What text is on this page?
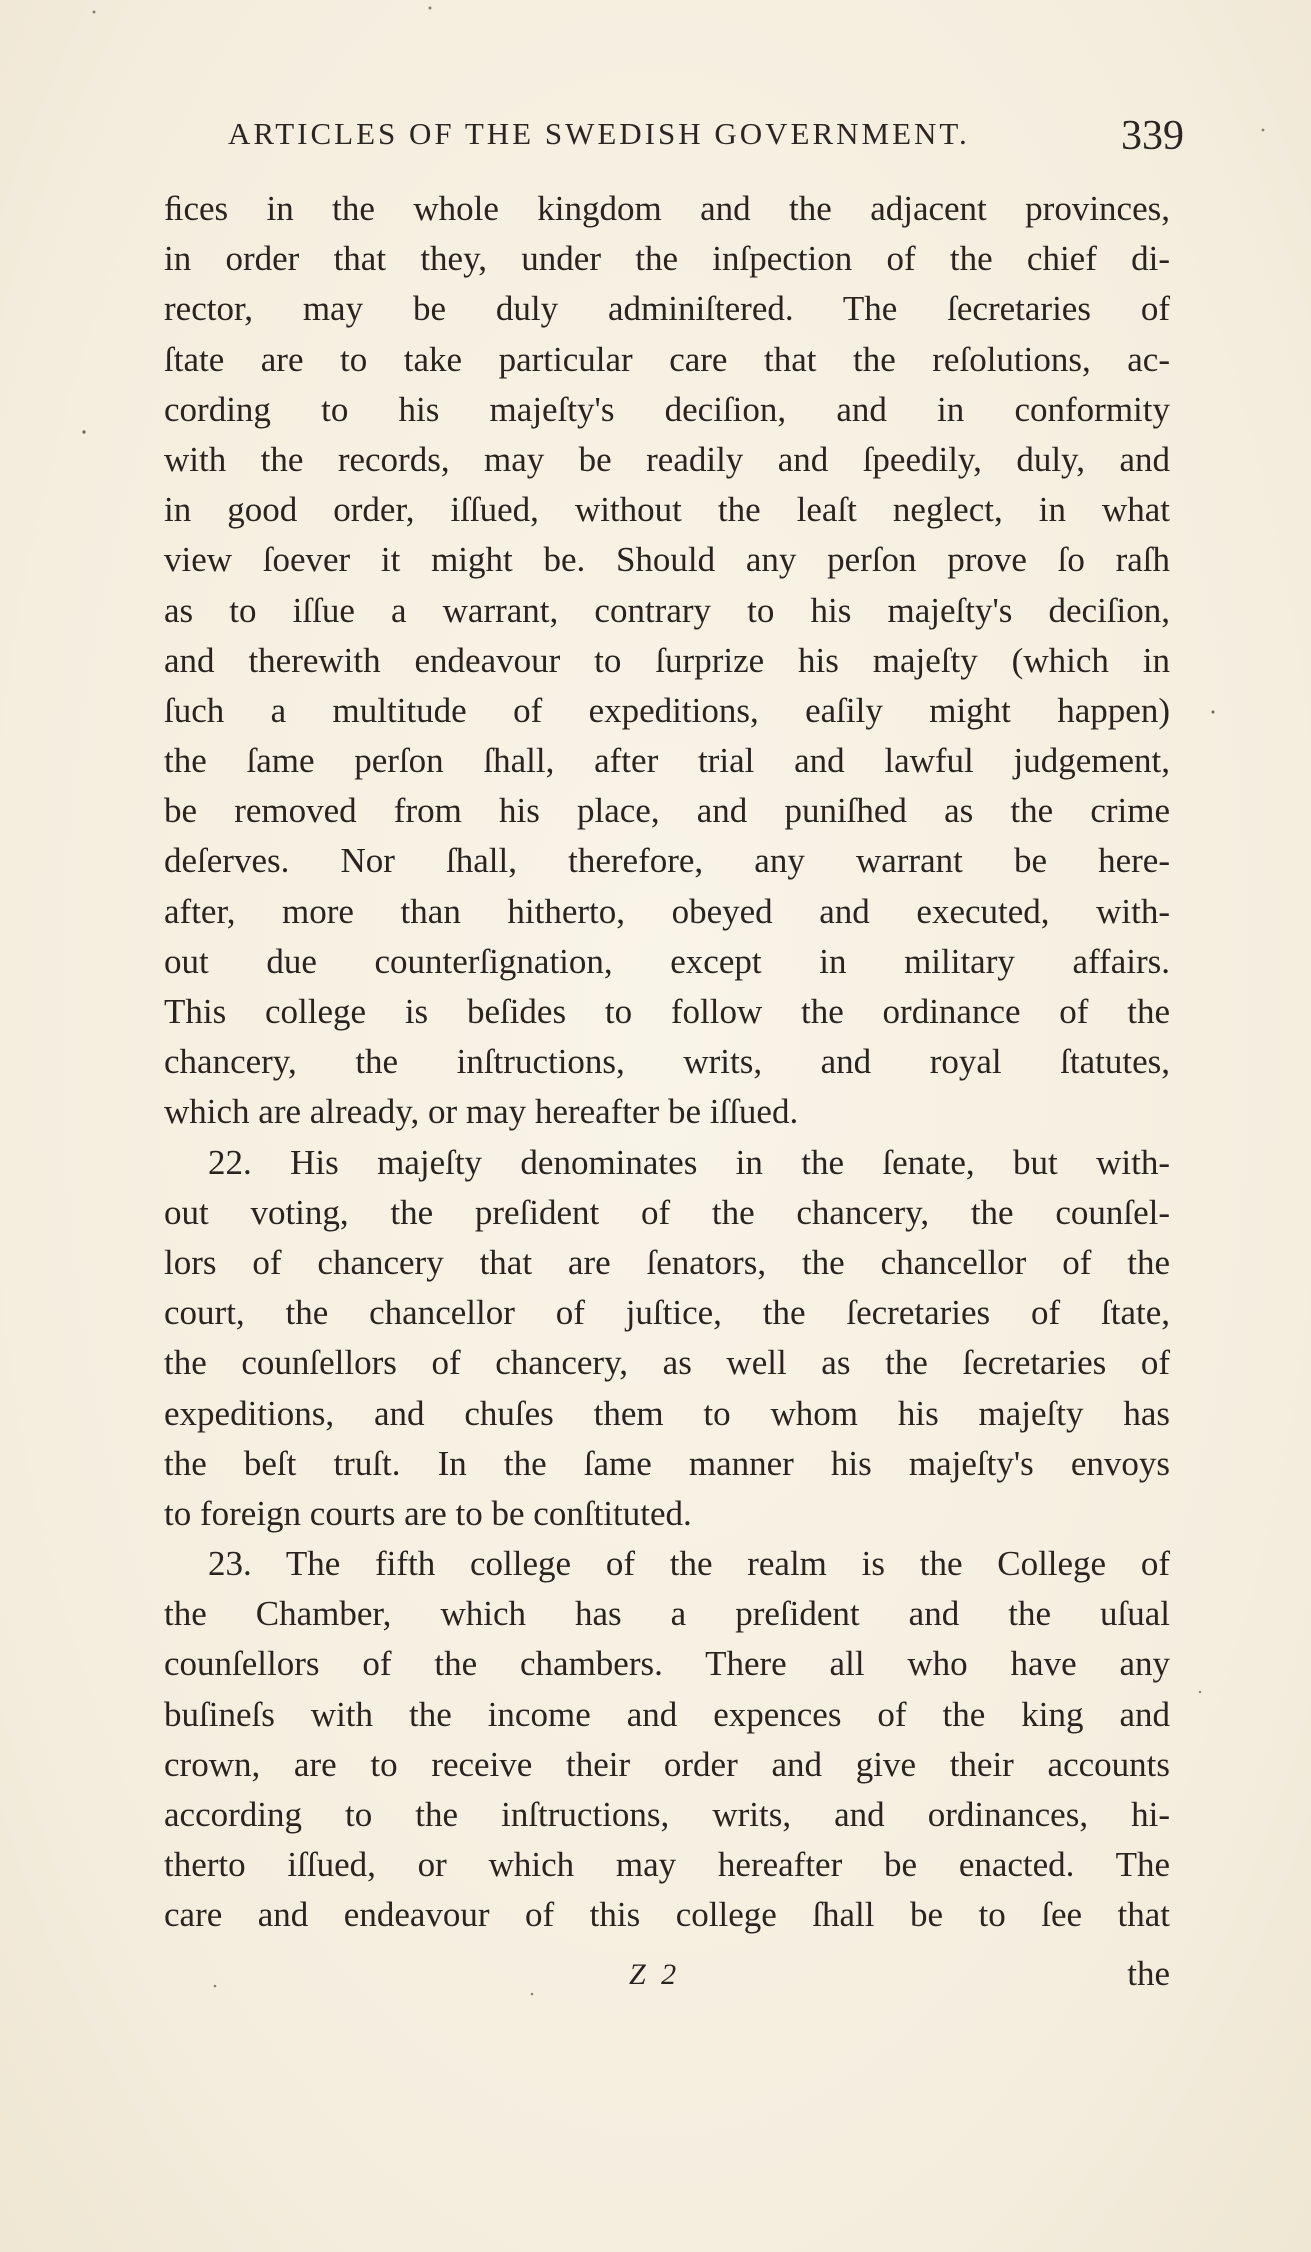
ARTICLES OF THE SWEDISH GOVERNMENT.	339
ﬁces in the whole kingdom and the adjacent provinces,
in order that they, under the inſpection of the chief di-
rector, may be duly adminiſtered. The ſecretaries of
ſtate are to take particular care that the reſolutions, ac-
cording to his majeſty's deciſion, and in conformity
with the records, may be readily and ſpeedily, duly, and
in good order, iſſued, without the leaſt neglect, in what
view ſoever it might be. Should any perſon prove ſo raſh
as to iſſue a warrant, contrary to his majeſty's deciſion,
and therewith endeavour to ſurprize his majeſty (which in
ſuch a multitude of expeditions, eaſily might happen)
the ſame perſon ſhall, after trial and lawful judgement,
be removed from his place, and puniſhed as the crime
deſerves. Nor ſhall, therefore, any warrant be here-
after, more than hitherto, obeyed and executed, with-
out due counterſignation, except in military affairs.
This college is beſides to follow the ordinance of the
chancery, the inſtructions, writs, and royal ſtatutes,
which are already, or may hereafter be iſſued.
22. His majeſty denominates in the ſenate, but with-
out voting, the preſident of the chancery, the counſel-
lors of chancery that are ſenators, the chancellor of the
court, the chancellor of juſtice, the ſecretaries of ſtate,
the counſellors of chancery, as well as the ſecretaries of
expeditions, and chuſes them to whom his majeſty has
the beſt truſt. In the ſame manner his majeſty's envoys
to foreign courts are to be conſtituted.
23. The fifth college of the realm is the College of
the Chamber, which has a preſident and the uſual
counſellors of the chambers. There all who have any
buſineſs with the income and expences of the king and
crown, are to receive their order and give their accounts
according to the inſtructions, writs, and ordinances, hi-
therto iſſued, or which may hereafter be enacted. The
care and endeavour of this college ſhall be to ſee that
Z 2	the
